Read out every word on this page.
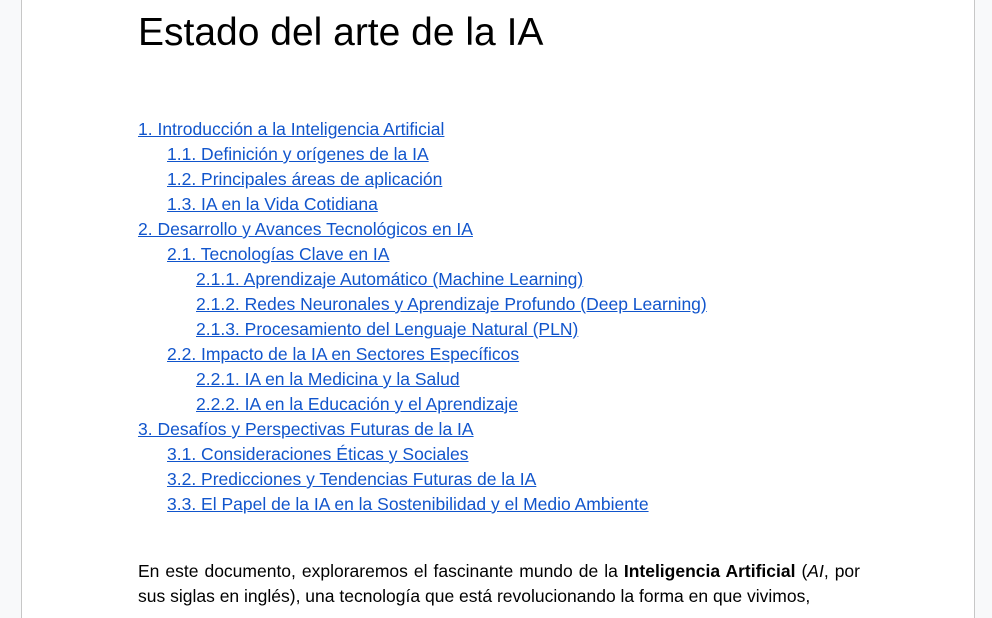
Estado del arte de la IA
1. Introducción a la Inteligencia Artificial
1.1. Definición y orígenes de la IA
1.2. Principales áreas de aplicación
1.3. IA en la Vida Cotidiana
2. Desarrollo y Avances Tecnológicos en IA
2.1. Tecnologías Clave en IA
2.1.1. Aprendizaje Automático (Machine Learning)
2.1.2. Redes Neuronales y Aprendizaje Profundo (Deep Learning)
2.1.3. Procesamiento del Lenguaje Natural (PLN)
2.2. Impacto de la IA en Sectores Específicos
2.2.1. IA en la Medicina y la Salud
2.2.2. IA en la Educación y el Aprendizaje
3. Desafíos y Perspectivas Futuras de la IA
3.1. Consideraciones Éticas y Sociales
3.2. Predicciones y Tendencias Futuras de la IA
3.3. El Papel de la IA en la Sostenibilidad y el Medio Ambiente

En este documento, exploraremos el fascinante mundo de la Inteligencia Artificial (AI, por sus siglas en inglés), una tecnología que está revolucionando la forma en que vivimos,
